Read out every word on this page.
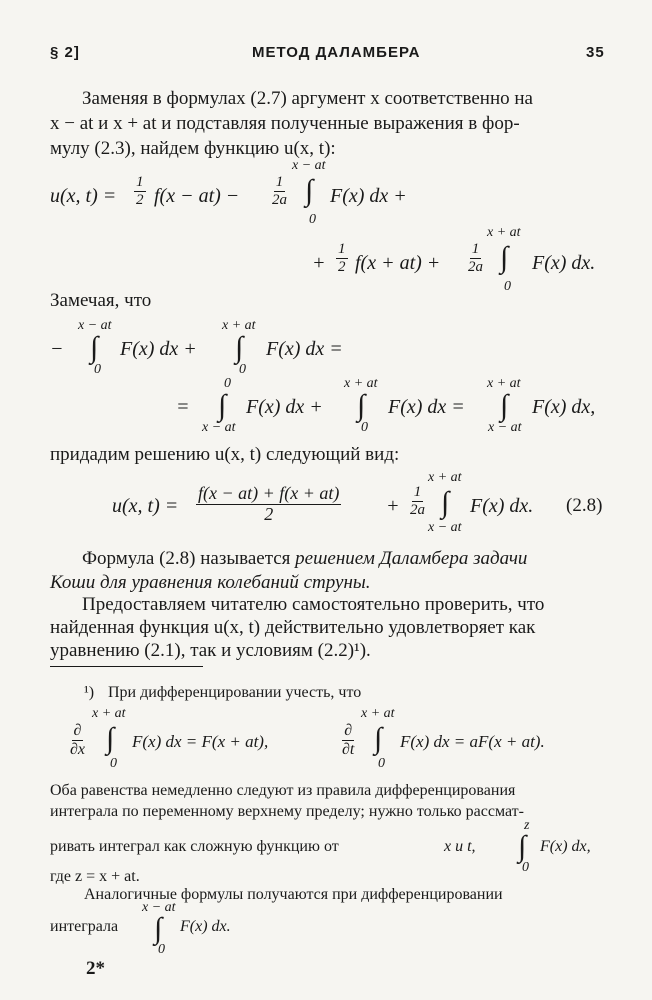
§ 2]	МЕТОД ДАЛАМБЕРА	35
Заменяя в формулах (2.7) аргумент x соответственно на
x − at и x + at и подставляя полученные выражения в фор-
мулу (2.3), найдем функцию u(x, t):
u(x, $t) = \frac{1}{2} f(x - at) - \frac{1}{2a}$
x − at
∫
0
F(x) dx +
+ $\frac{1}{2} f(x + at) + \frac{1}{2a}$
x + at
∫
0
F(x) dx.
Замечая, что
−
x − at
∫
0
F(x) dx +
x + at
∫
0
F(x) dx =
=
0
∫
x − at
F(x) dx +
x + at
∫
0
F(x) dx =
x + at
∫
x − at
F(x) dx,
придадим решению u(x, t) следующий вид:
u(x, $t) = \frac{f(x - at) + f(x + at)}{2} + \frac{1}{2a}$
x + at
∫
x − at
F(x) dx. (2.8)
Формула (2.8) называется решением Даламбера задачи
Коши для уравнения колебаний струны.
Предоставляем читателю самостоятельно проверить, что
найденная функция u(x, t) действительно удовлетворяет как
уравнению (2.1), так и условиям (2.2)¹).
¹) При дифференцировании учесть, что
$\frac{\partial}{\partial x}$
x + at
∫
0
F(x) dx = F(x + at),	$\frac{\partial}{\partial t}$
x + at
∫
0
F(x) dx = aF(x + at).
Оба равенства немедленно следуют из правила дифференцирования
интеграла по переменному верхнему пределу; нужно только рассмат-
ривать интеграл как сложную функцию от	x и t,
z
∫
0
F(x) dx,
где z = x + at.
Аналогичные формулы получаются при дифференцировании
интеграла
x − at
∫
0
F(x) dx.
2*
